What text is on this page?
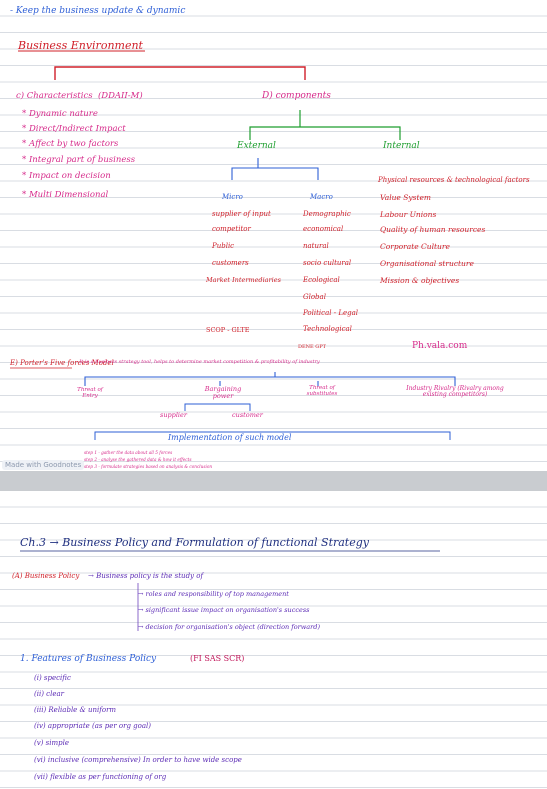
- Keep the business update & dynamic
Business Environment
c) Characteristics (DDAII-M)
* Dynamic nature
* Direct/Indirect Impact
* Affect by two factors
* Integral part of business
* Impact on decision
* Multi Dimensional
D) components
External	Internal
Micro	Macro
supplier of input
competitor
Public
customers
Market Intermediaries
Demographic
economical
natural
socio cultural
Ecological
Global
Political - Legal
Technological
Physical resources & technological factors
Value System
Labour Unions
Quality of human resources
Corporate Culture
Organisational structure
Mission & objectives
SCOP - GLTE
DENE GPT	Ph.vala.com
E) Porter's Five forces Model
- It is a business strategy tool, helps to determine market competition & profitability of industry
Threat of Entry
Bargaining power
Threat of substitutes
Industry Rivalry (Rivalry among existing competitors)
supplier	customer
Implementation of such model
step 1 - gather the data about all 5 forces
step 2 - analyse the gathered data & how it effects
step 3 - formulate strategies based on analysis & conclusion
Made with Goodnotes
Ch.3 → Business Policy and Formulation of functional Strategy
(A) Business Policy → Business policy is the study of
→ roles and responsibility of top management
→ significant issue impact on organisation's success
→ decision for organisation's object (direction forward)
1. Features of Business Policy	(FI SAS SCR)
(i) specific
(ii) clear
(iii) Reliable & uniform
(iv) appropriate (as per org goal)
(v) simple
(vi) inclusive (comprehensive) In order to have wide scope
(vii) flexible as per functioning of org
